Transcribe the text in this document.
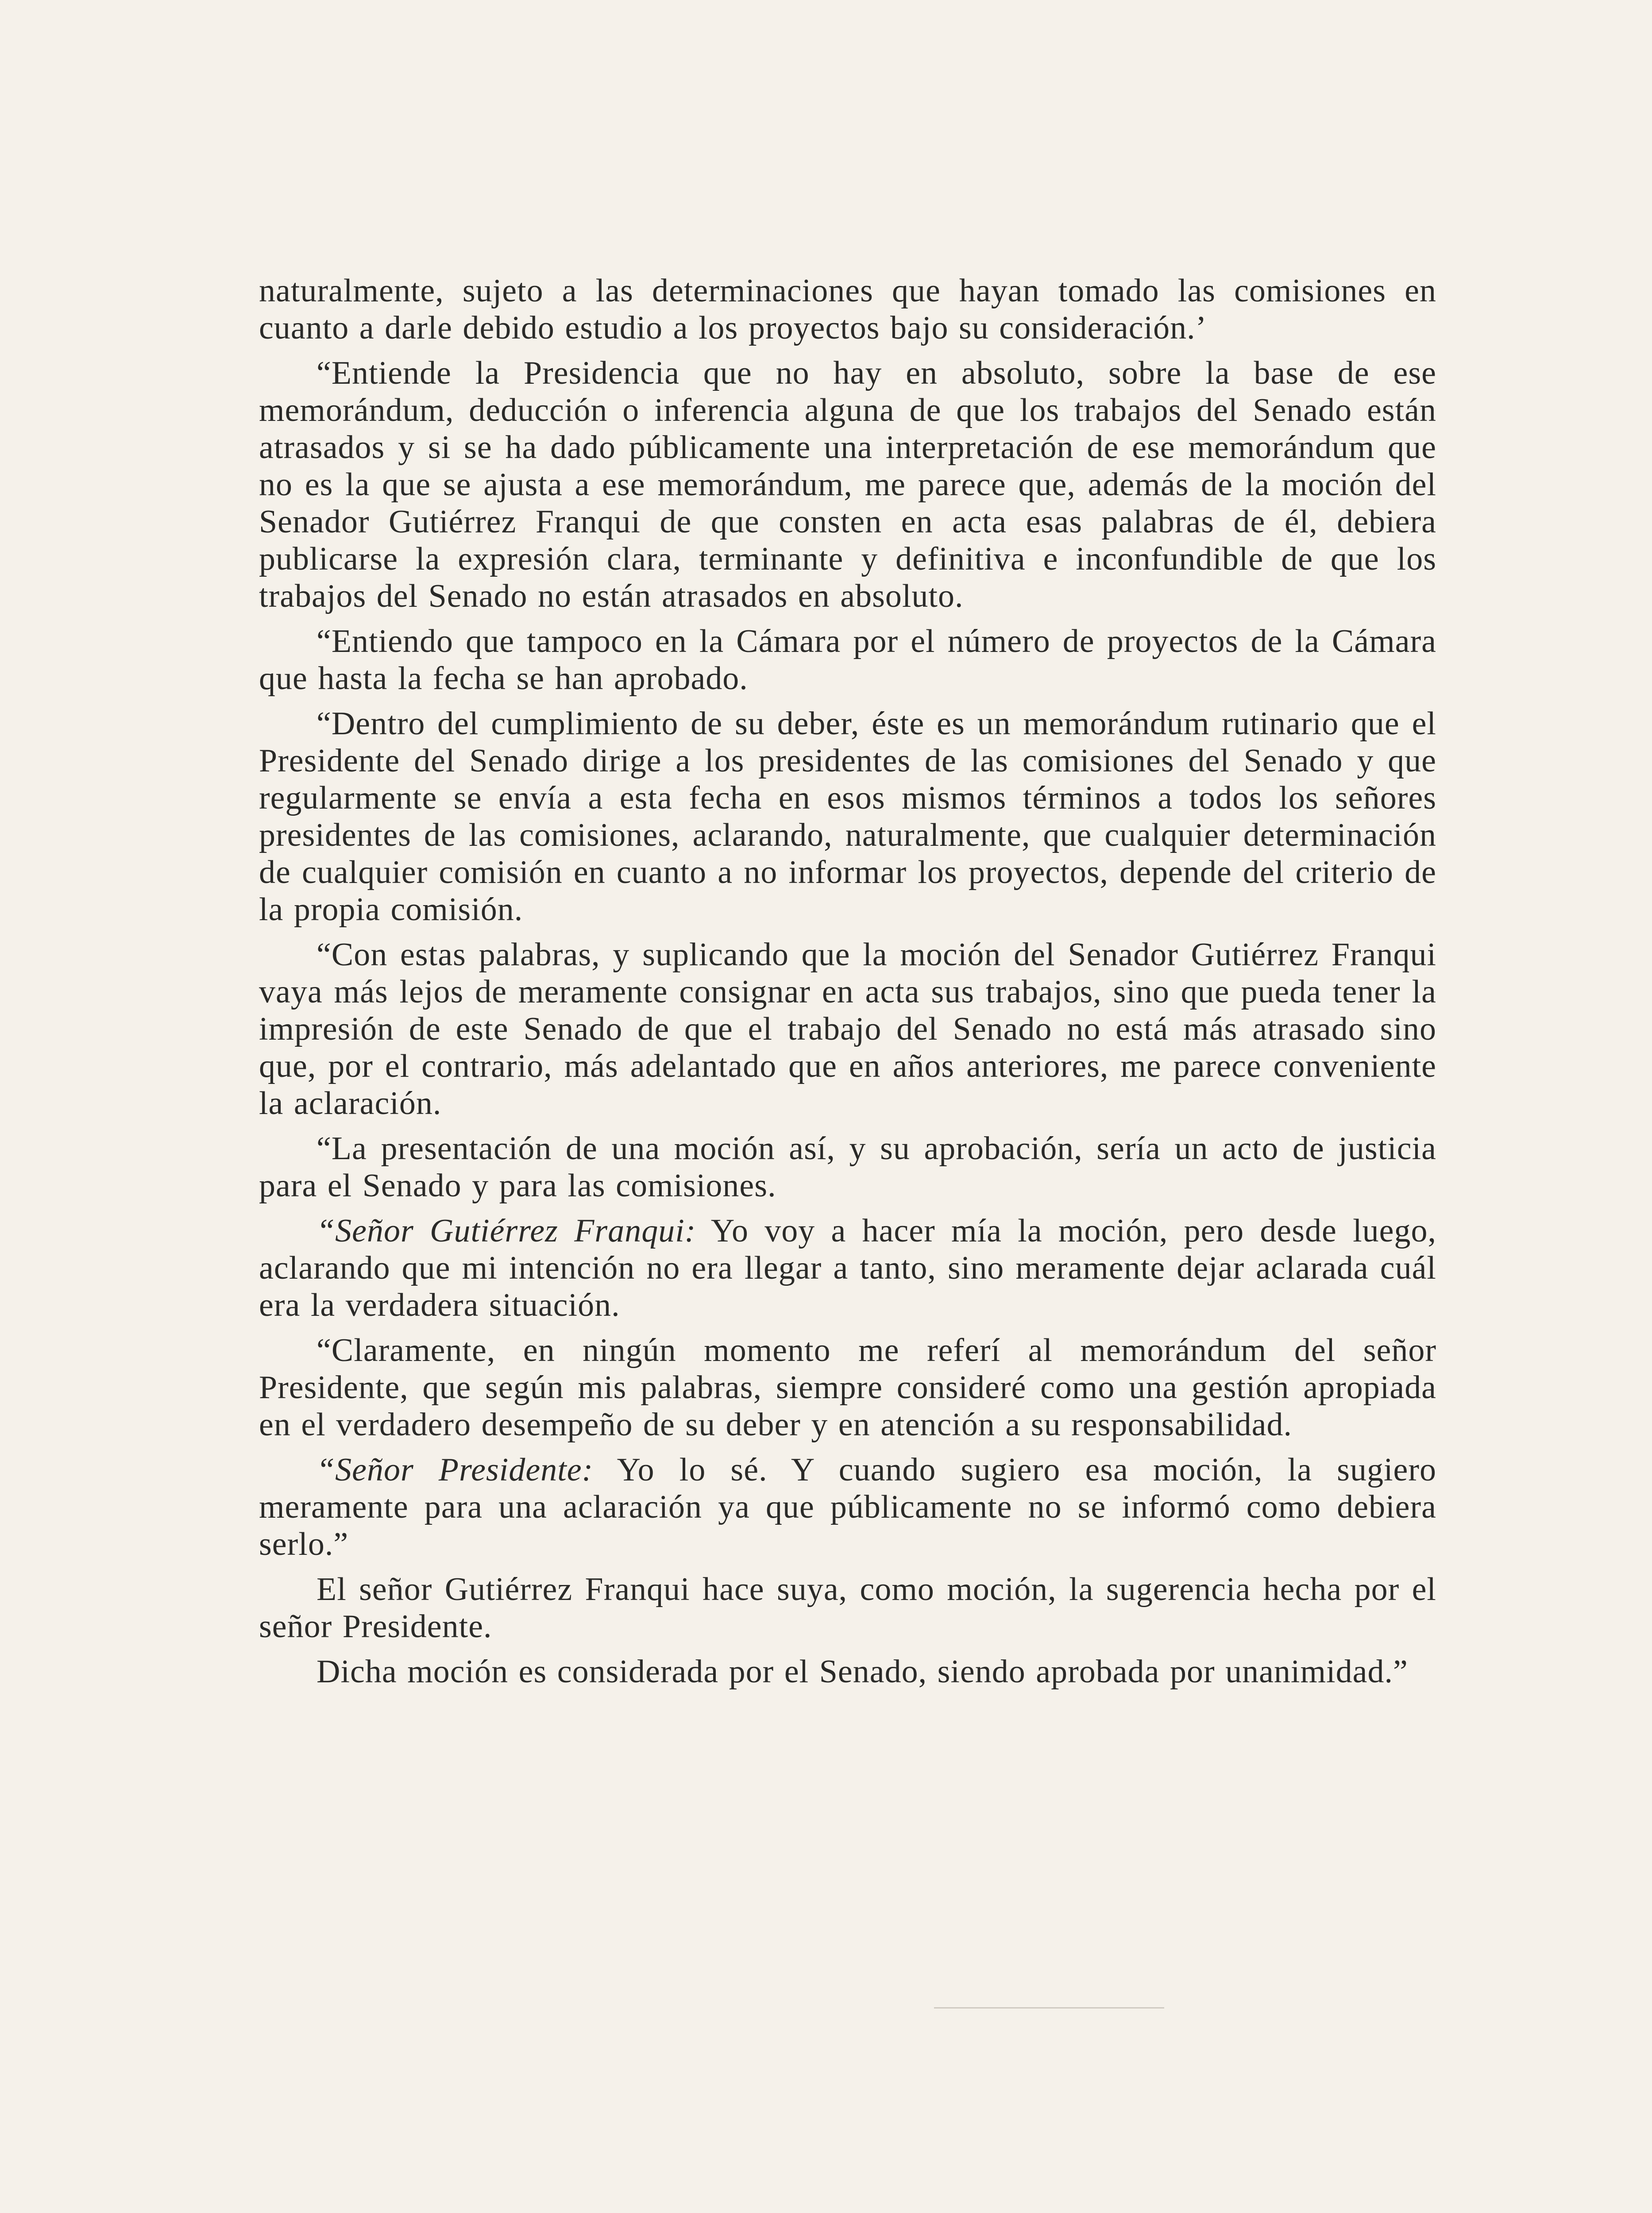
naturalmente, sujeto a las determinaciones que hayan tomado las comisiones en cuanto a darle debido estudio a los proyectos bajo su consideración.’

“Entiende la Presidencia que no hay en absoluto, sobre la base de ese memorándum, deducción o inferencia alguna de que los trabajos del Senado están atrasados y si se ha dado públicamente una interpretación de ese memorándum que no es la que se ajusta a ese memorándum, me parece que, además de la moción del Senador Gutiérrez Franqui de que consten en acta esas palabras de él, debiera publicarse la expresión clara, terminante y definitiva e inconfundible de que los trabajos del Senado no están atrasados en absoluto.

“Entiendo que tampoco en la Cámara por el número de proyectos de la Cámara que hasta la fecha se han aprobado.

“Dentro del cumplimiento de su deber, éste es un memorándum rutinario que el Presidente del Senado dirige a los presidentes de las comisiones del Senado y que regularmente se envía a esta fecha en esos mismos términos a todos los señores presidentes de las comisiones, aclarando, naturalmente, que cualquier determinación de cualquier comisión en cuanto a no informar los proyectos, depende del criterio de la propia comisión.

“Con estas palabras, y suplicando que la moción del Senador Gutiérrez Franqui vaya más lejos de meramente consignar en acta sus trabajos, sino que pueda tener la impresión de este Senado de que el trabajo del Senado no está más atrasado sino que, por el contrario, más adelantado que en años anteriores, me parece conveniente la aclaración.

“La presentación de una moción así, y su aprobación, sería un acto de justicia para el Senado y para las comisiones.

“Señor Gutiérrez Franqui: Yo voy a hacer mía la moción, pero desde luego, aclarando que mi intención no era llegar a tanto, sino meramente dejar aclarada cuál era la verdadera situación.

“Claramente, en ningún momento me referí al memorándum del señor Presidente, que según mis palabras, siempre consideré como una gestión apropiada en el verdadero desempeño de su deber y en atención a su responsabilidad.

“Señor Presidente: Yo lo sé. Y cuando sugiero esa moción, la sugiero meramente para una aclaración ya que públicamente no se informó como debiera serlo.”

El señor Gutiérrez Franqui hace suya, como moción, la sugerencia hecha por el señor Presidente.

Dicha moción es considerada por el Senado, siendo aprobada por unanimidad.”
